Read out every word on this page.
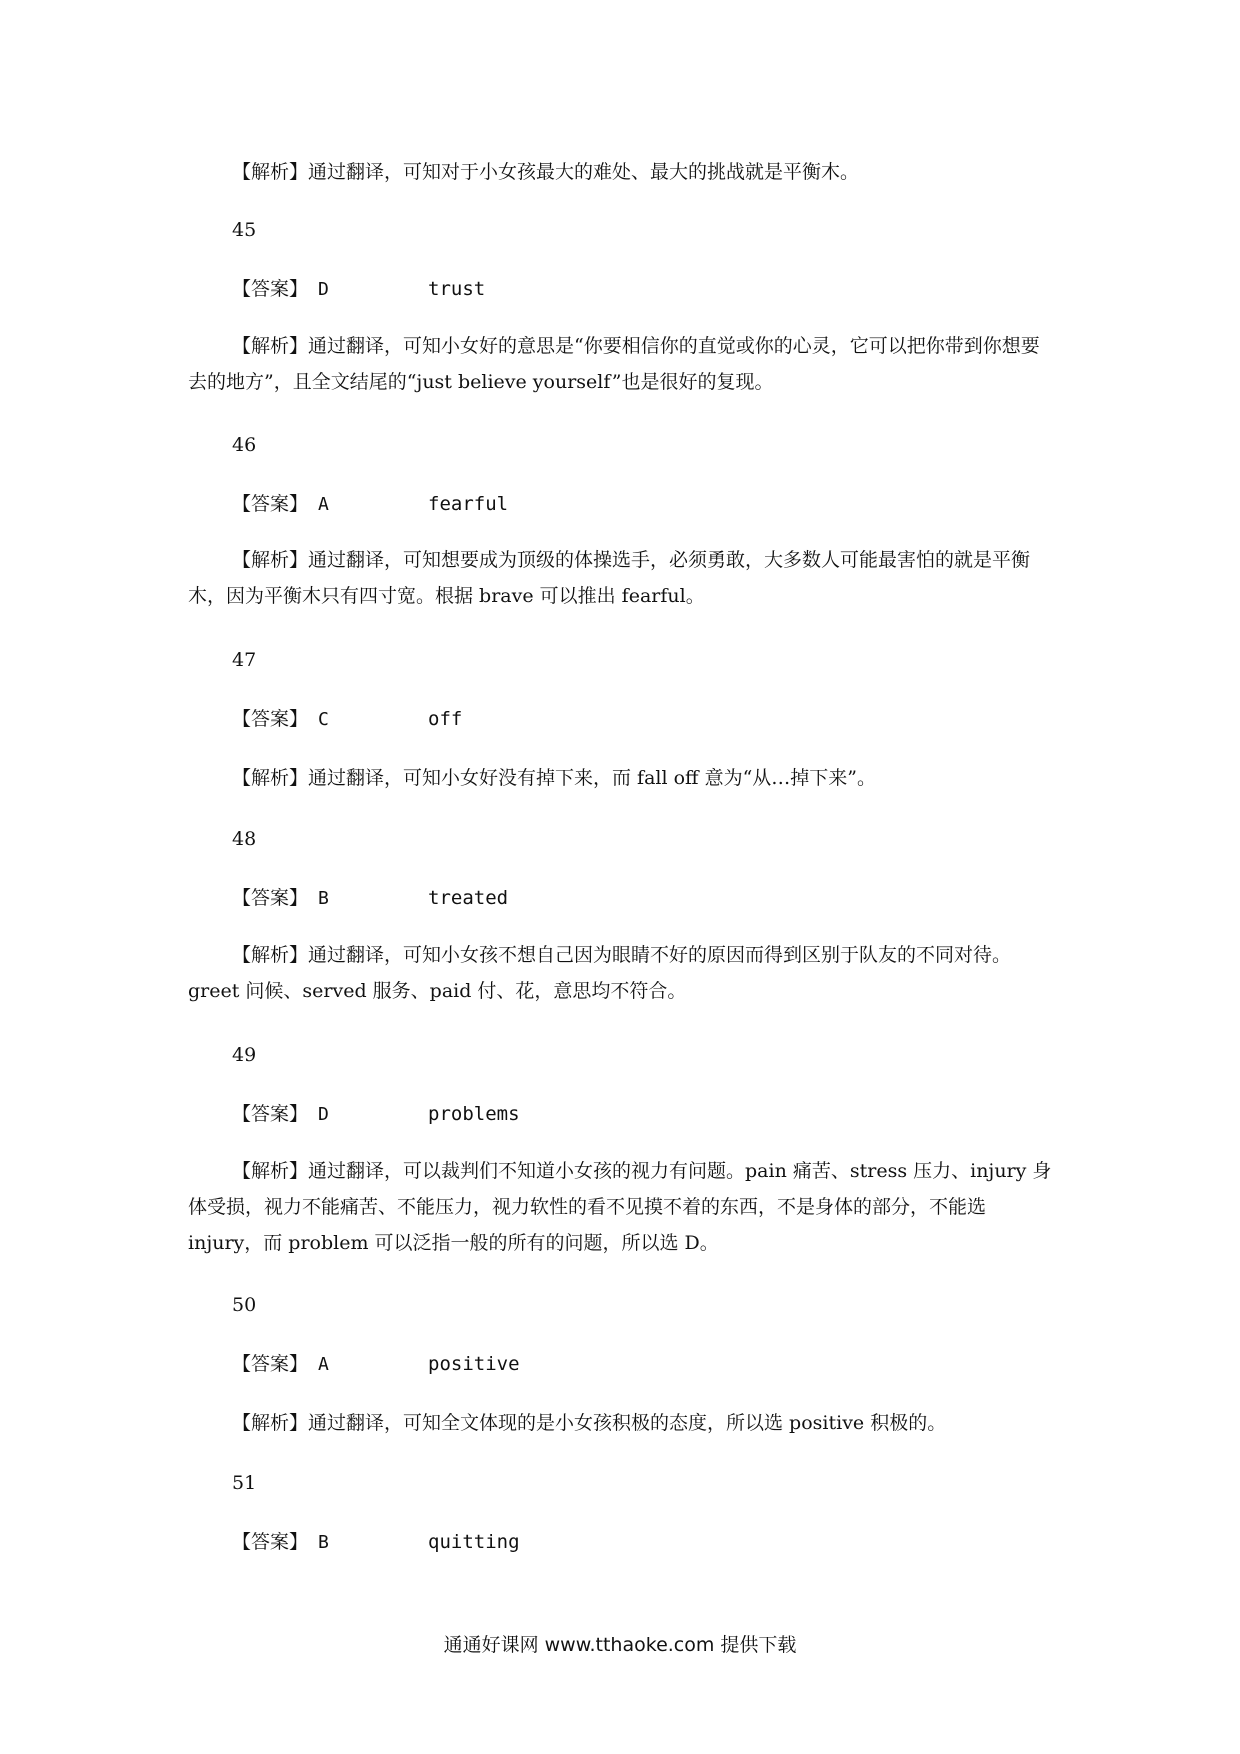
【解析】通过翻译，可知对于小女孩最大的难处、最大的挑战就是平衡木。
45
【答案】 D	trust
【解析】通过翻译，可知小女好的意思是“你要相信你的直觉或你的心灵，它可以把你带到你想要去的地方”，且全文结尾的“just believe yourself”也是很好的复现。
46
【答案】 A	fearful
【解析】通过翻译，可知想要成为顶级的体操选手，必须勇敢，大多数人可能最害怕的就是平衡木，因为平衡木只有四寸宽。根据 brave 可以推出 fearful。
47
【答案】 C	off
【解析】通过翻译，可知小女好没有掉下来，而 fall off 意为“从…掉下来”。
48
【答案】 B	treated
【解析】通过翻译，可知小女孩不想自己因为眼睛不好的原因而得到区别于队友的不同对待。greet 问候、served 服务、paid 付、花，意思均不符合。
49
【答案】 D	problems
【解析】通过翻译，可以裁判们不知道小女孩的视力有问题。pain 痛苦、stress 压力、injury 身体受损，视力不能痛苦、不能压力，视力软性的看不见摸不着的东西，不是身体的部分，不能选 injury，而 problem 可以泛指一般的所有的问题，所以选 D。
50
【答案】 A	positive
【解析】通过翻译，可知全文体现的是小女孩积极的态度，所以选 positive 积极的。
51
【答案】 B	quitting
通通好课网 www.tthaoke.com 提供下载
